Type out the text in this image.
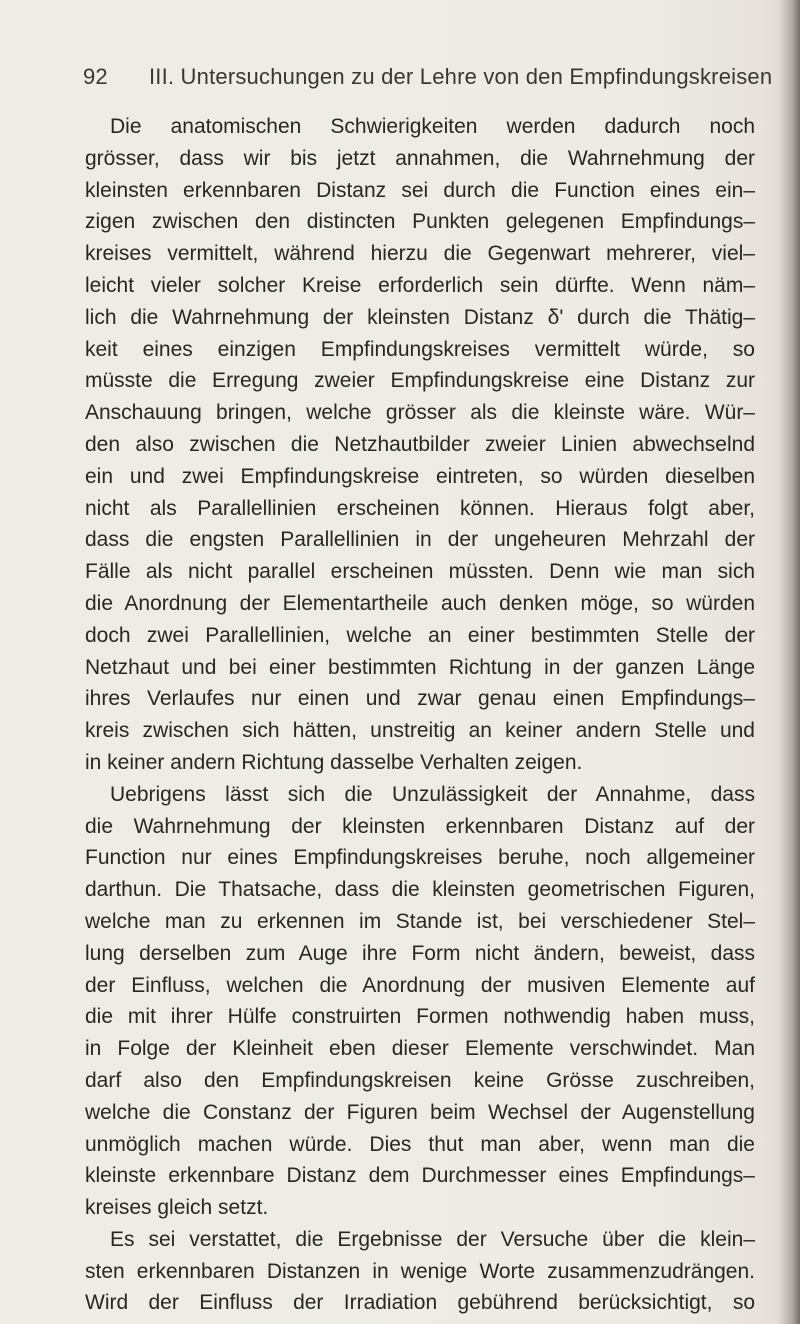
92 III. Untersuchungen zu der Lehre von den Empfindungskreisen
Die anatomischen Schwierigkeiten werden dadurch noch
grösser, dass wir bis jetzt annahmen, die Wahrnehmung der
kleinsten erkennbaren Distanz sei durch die Function eines ein–
zigen zwischen den distincten Punkten gelegenen Empfindungs–
kreises vermittelt, während hierzu die Gegenwart mehrerer, viel–
leicht vieler solcher Kreise erforderlich sein dürfte. Wenn näm–
lich die Wahrnehmung der kleinsten Distanz δ' durch die Thätig–
keit eines einzigen Empfindungskreises vermittelt würde, so
müsste die Erregung zweier Empfindungskreise eine Distanz zur
Anschauung bringen, welche grösser als die kleinste wäre. Wür–
den also zwischen die Netzhautbilder zweier Linien abwechselnd
ein und zwei Empfindungskreise eintreten, so würden dieselben
nicht als Parallellinien erscheinen können. Hieraus folgt aber,
dass die engsten Parallellinien in der ungeheuren Mehrzahl der
Fälle als nicht parallel erscheinen müssten. Denn wie man sich
die Anordnung der Elementartheile auch denken möge, so würden
doch zwei Parallellinien, welche an einer bestimmten Stelle der
Netzhaut und bei einer bestimmten Richtung in der ganzen Länge
ihres Verlaufes nur einen und zwar genau einen Empfindungs–
kreis zwischen sich hätten, unstreitig an keiner andern Stelle und
in keiner andern Richtung dasselbe Verhalten zeigen.
Uebrigens lässt sich die Unzulässigkeit der Annahme, dass
die Wahrnehmung der kleinsten erkennbaren Distanz auf der
Function nur eines Empfindungskreises beruhe, noch allgemeiner
darthun. Die Thatsache, dass die kleinsten geometrischen Figuren,
welche man zu erkennen im Stande ist, bei verschiedener Stel–
lung derselben zum Auge ihre Form nicht ändern, beweist, dass
der Einfluss, welchen die Anordnung der musiven Elemente auf
die mit ihrer Hülfe construirten Formen nothwendig haben muss,
in Folge der Kleinheit eben dieser Elemente verschwindet. Man
darf also den Empfindungskreisen keine Grösse zuschreiben,
welche die Constanz der Figuren beim Wechsel der Augenstellung
unmöglich machen würde. Dies thut man aber, wenn man die
kleinste erkennbare Distanz dem Durchmesser eines Empfindungs–
kreises gleich setzt.
Es sei verstattet, die Ergebnisse der Versuche über die klein–
sten erkennbaren Distanzen in wenige Worte zusammenzudrängen.
Wird der Einfluss der Irradiation gebührend berücksichtigt, so
